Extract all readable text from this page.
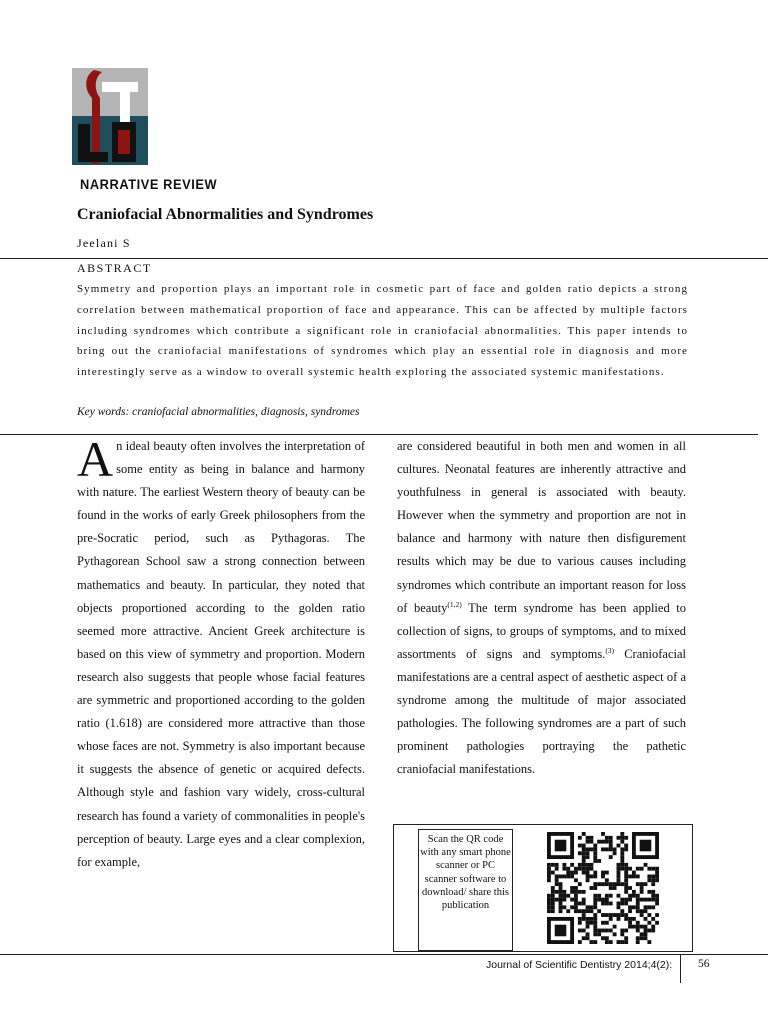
NARRATIVE REVIEW
Craniofacial Abnormalities and Syndromes
Jeelani S
ABSTRACT
Symmetry and proportion plays an important role in cosmetic part of face and golden ratio depicts a strong correlation between mathematical proportion of face and appearance. This can be affected by multiple factors including syndromes which contribute a significant role in craniofacial abnormalities. This paper intends to bring out the craniofacial manifestations of syndromes which play an essential role in diagnosis and more interestingly serve as a window to overall systemic health exploring the associated systemic manifestations.
Key words: craniofacial abnormalities, diagnosis, syndromes

An ideal beauty often involves the interpretation of some entity as being in balance and harmony with nature. The earliest Western theory of beauty can be found in the works of early Greek philosophers from the pre-Socratic period, such as Pythagoras. The Pythagorean School saw a strong connection between mathematics and beauty. In particular, they noted that objects proportioned according to the golden ratio seemed more attractive. Ancient Greek architecture is based on this view of symmetry and proportion. Modern research also suggests that people whose facial features are symmetric and proportioned according to the golden ratio (1.618) are considered more attractive than those whose faces are not. Symmetry is also important because it suggests the absence of genetic or acquired defects. Although style and fashion vary widely, cross-cultural research has found a variety of commonalities in people's perception of beauty. Large eyes and a clear complexion, for example,

are considered beautiful in both men and women in all cultures. Neonatal features are inherently attractive and youthfulness in general is associated with beauty. However when the symmetry and proportion are not in balance and harmony with nature then disfigurement results which may be due to various causes including syndromes which contribute an important reason for loss of beauty$^{(1,2)}$ The term syndrome has been applied to collection of signs, to groups of symptoms, and to mixed assortments of signs and symptoms.$^{(3)}$ Craniofacial manifestations are a central aspect of aesthetic aspect of a syndrome among the multitude of major associated pathologies. The following syndromes are a part of such prominent pathologies portraying the pathetic craniofacial manifestations.

Scan the QR code with any smart phone scanner or PC scanner software to download/ share this publication
Journal of Scientific Dentistry 2014;4(2): 56
